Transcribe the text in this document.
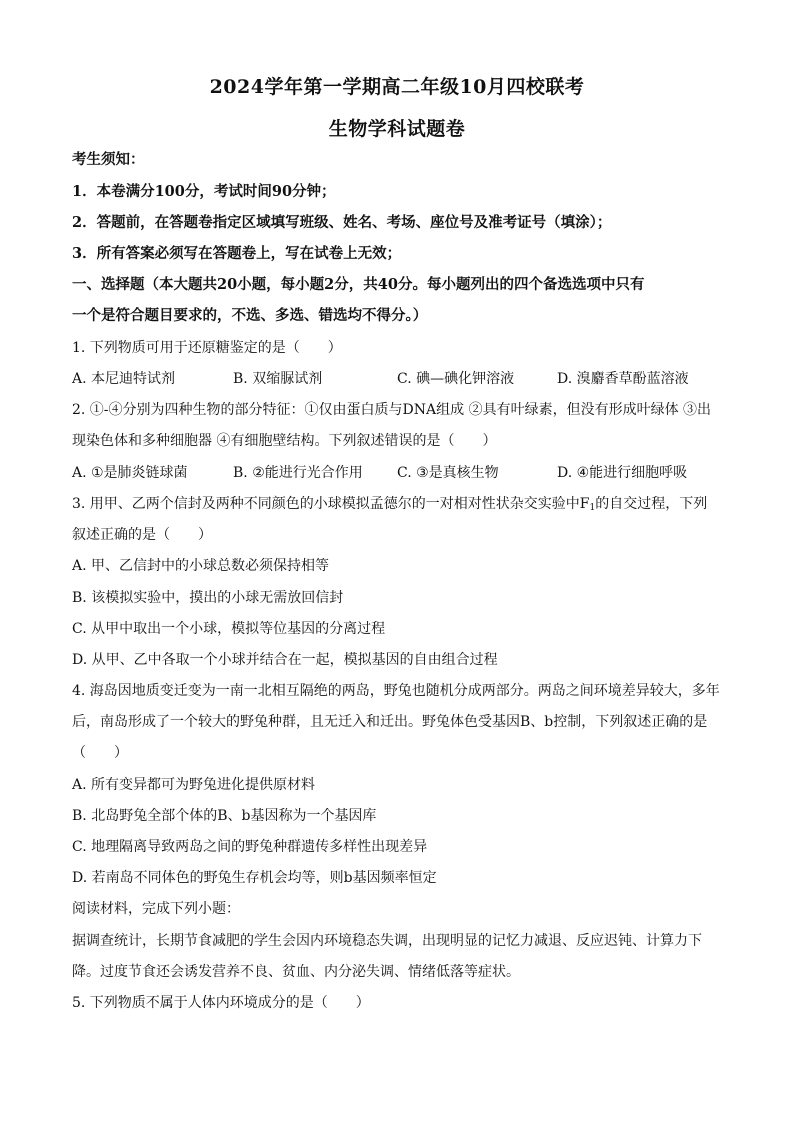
2024学年第一学期高二年级10月四校联考
生物学科试题卷
考生须知：
1．本卷满分100分，考试时间90分钟；
2．答题前，在答题卷指定区域填写班级、姓名、考场、座位号及准考证号（填涂）；
3．所有答案必须写在答题卷上，写在试卷上无效；
一、选择题（本大题共20小题，每小题2分，共40分。每小题列出的四个备选选项中只有
一个是符合题目要求的，不选、多选、错选均不得分。）
1. 下列物质可用于还原糖鉴定的是（　　）
A. 本尼迪特试剂	B. 双缩脲试剂	C. 碘—碘化钾溶液	D. 溴麝香草酚蓝溶液
2. ①-④分别为四种生物的部分特征：①仅由蛋白质与DNA组成 ②具有叶绿素，但没有形成叶绿体 ③出
现染色体和多种细胞器 ④有细胞壁结构。下列叙述错误的是（　　）
A. ①是肺炎链球菌	B. ②能进行光合作用 C. ③是真核生物	D. ④能进行细胞呼吸
3. 用甲、乙两个信封及两种不同颜色的小球模拟孟德尔的一对相对性状杂交实验中$F_1$的自交过程，下列
叙述正确的是（　　）
A. 甲、乙信封中的小球总数必须保持相等
B. 该模拟实验中，摸出的小球无需放回信封
C. 从甲中取出一个小球，模拟等位基因的分离过程
D. 从甲、乙中各取一个小球并结合在一起，模拟基因的自由组合过程
4. 海岛因地质变迁变为一南一北相互隔绝的两岛，野兔也随机分成两部分。两岛之间环境差异较大，多年
后，南岛形成了一个较大的野兔种群，且无迁入和迁出。野兔体色受基因B、b控制，下列叙述正确的是
（　　）
A. 所有变异都可为野兔进化提供原材料
B. 北岛野兔全部个体的B、b基因称为一个基因库
C. 地理隔离导致两岛之间的野兔种群遗传多样性出现差异
D. 若南岛不同体色的野兔生存机会均等，则b基因频率恒定
阅读材料，完成下列小题：
据调查统计，长期节食减肥的学生会因内环境稳态失调，出现明显的记忆力减退、反应迟钝、计算力下
降。过度节食还会诱发营养不良、贫血、内分泌失调、情绪低落等症状。
5. 下列物质不属于人体内环境成分的是（　　）
